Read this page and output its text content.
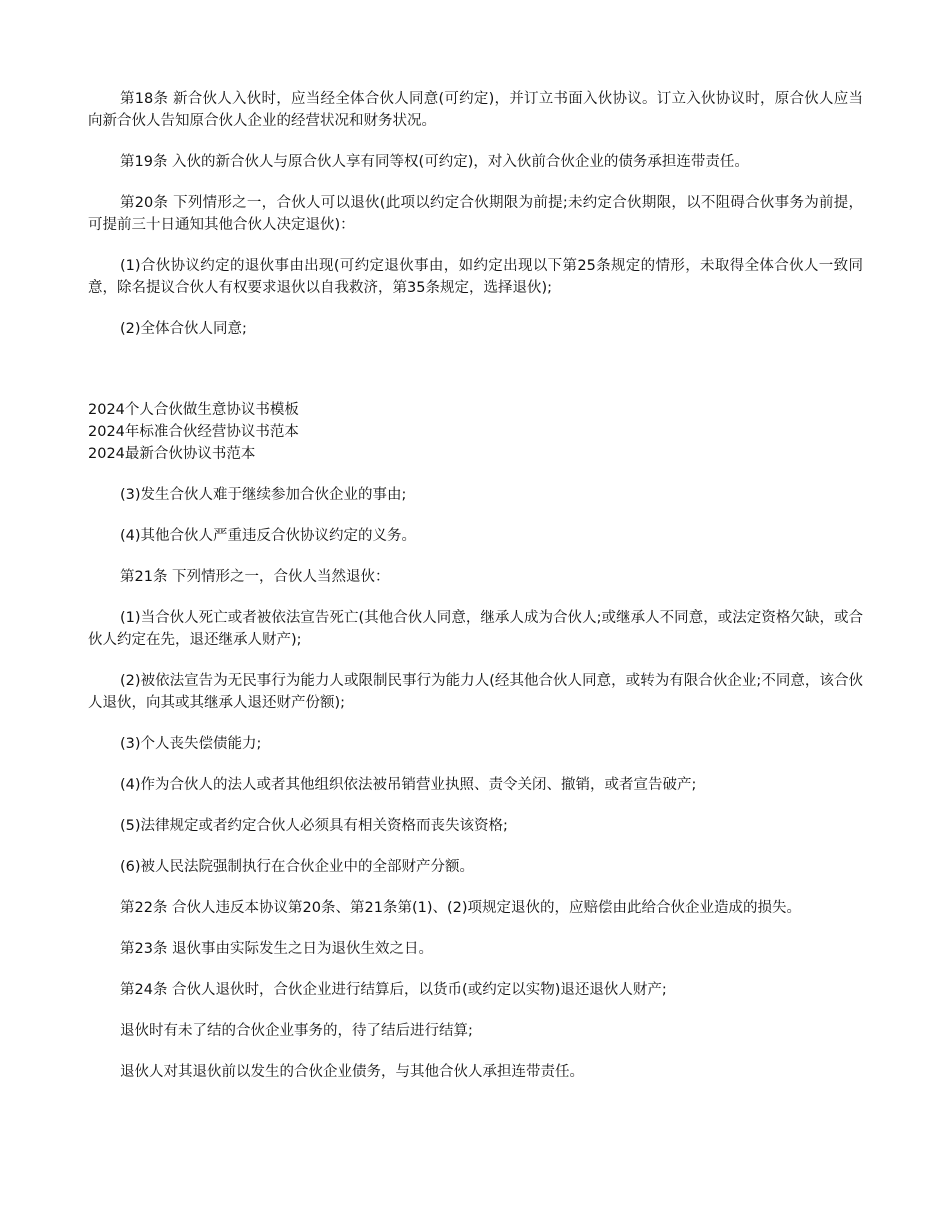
第18条 新合伙人入伙时，应当经全体合伙人同意(可约定)，并订立书面入伙协议。订立入伙协议时，原合伙人应当向新合伙人告知原合伙人企业的经营状况和财务状况。

第19条 入伙的新合伙人与原合伙人享有同等权(可约定)，对入伙前合伙企业的债务承担连带责任。

第20条 下列情形之一，合伙人可以退伙(此项以约定合伙期限为前提;未约定合伙期限，以不阻碍合伙事务为前提，可提前三十日通知其他合伙人决定退伙)：

(1)合伙协议约定的退伙事由出现(可约定退伙事由，如约定出现以下第25条规定的情形，未取得全体合伙人一致同意，除名提议合伙人有权要求退伙以自我救济，第35条规定，选择退伙);

(2)全体合伙人同意;

2024个人合伙做生意协议书模板
2024年标准合伙经营协议书范本
2024最新合伙协议书范本

(3)发生合伙人难于继续参加合伙企业的事由;

(4)其他合伙人严重违反合伙协议约定的义务。

第21条 下列情形之一，合伙人当然退伙：

(1)当合伙人死亡或者被依法宣告死亡(其他合伙人同意，继承人成为合伙人;或继承人不同意，或法定资格欠缺，或合伙人约定在先，退还继承人财产);

(2)被依法宣告为无民事行为能力人或限制民事行为能力人(经其他合伙人同意，或转为有限合伙企业;不同意，该合伙人退伙，向其或其继承人退还财产份额);

(3)个人丧失偿债能力;

(4)作为合伙人的法人或者其他组织依法被吊销营业执照、责令关闭、撤销，或者宣告破产;

(5)法律规定或者约定合伙人必须具有相关资格而丧失该资格;

(6)被人民法院强制执行在合伙企业中的全部财产分额。

第22条 合伙人违反本协议第20条、第21条第(1)、(2)项规定退伙的，应赔偿由此给合伙企业造成的损失。

第23条 退伙事由实际发生之日为退伙生效之日。

第24条 合伙人退伙时，合伙企业进行结算后，以货币(或约定以实物)退还退伙人财产;

退伙时有未了结的合伙企业事务的，待了结后进行结算;

退伙人对其退伙前以发生的合伙企业债务，与其他合伙人承担连带责任。
